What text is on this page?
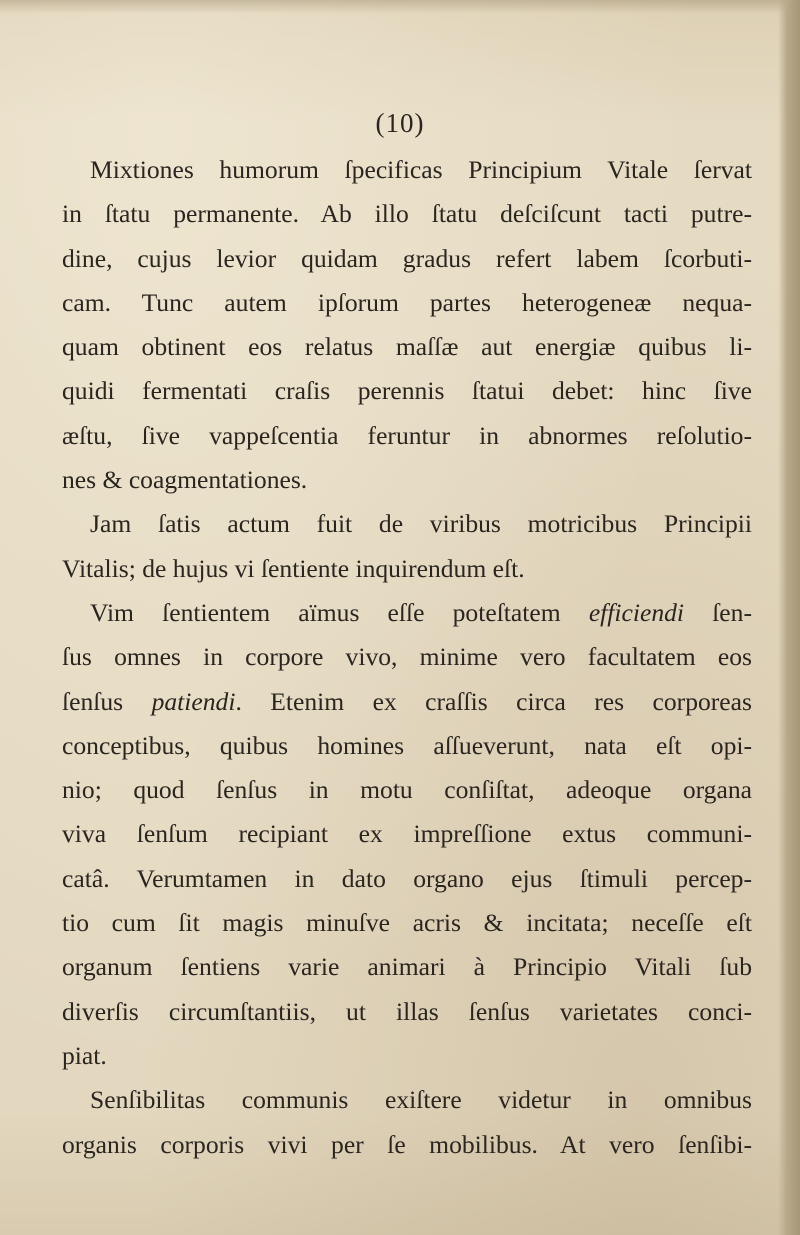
(10)
Mixtiones humorum ſpecificas Principium Vitale ſervat
in ſtatu permanente. Ab illo ſtatu deſciſcunt tacti putre-
dine, cujus levior quidam gradus refert labem ſcorbuti-
cam. Tunc autem ipſorum partes heterogeneæ nequa-
quam obtinent eos relatus maſſæ aut energiæ quibus li-
quidi fermentati craſis perennis ſtatui debet: hinc ſive
æſtu, ſive vappeſcentia feruntur in abnormes reſolutio-
nes & coagmentationes.
Jam ſatis actum fuit de viribus motricibus Principii
Vitalis; de hujus vi ſentiente inquirendum eſt.
Vim ſentientem aïmus eſſe poteſtatem efficiendi ſen-
ſus omnes in corpore vivo, minime vero facultatem eos
ſenſus patiendi. Etenim ex craſſis circa res corporeas
conceptibus, quibus homines aſſueverunt, nata eſt opi-
nio; quod ſenſus in motu conſiſtat, adeoque organa
viva ſenſum recipiant ex impreſſione extus communi-
catâ. Verumtamen in dato organo ejus ſtimuli percep-
tio cum ſit magis minuſve acris & incitata; neceſſe eſt
organum ſentiens varie animari à Principio Vitali ſub
diverſis circumſtantiis, ut illas ſenſus varietates conci-
piat.
Senſibilitas communis exiſtere videtur in omnibus
organis corporis vivi per ſe mobilibus. At vero ſenſibi-
